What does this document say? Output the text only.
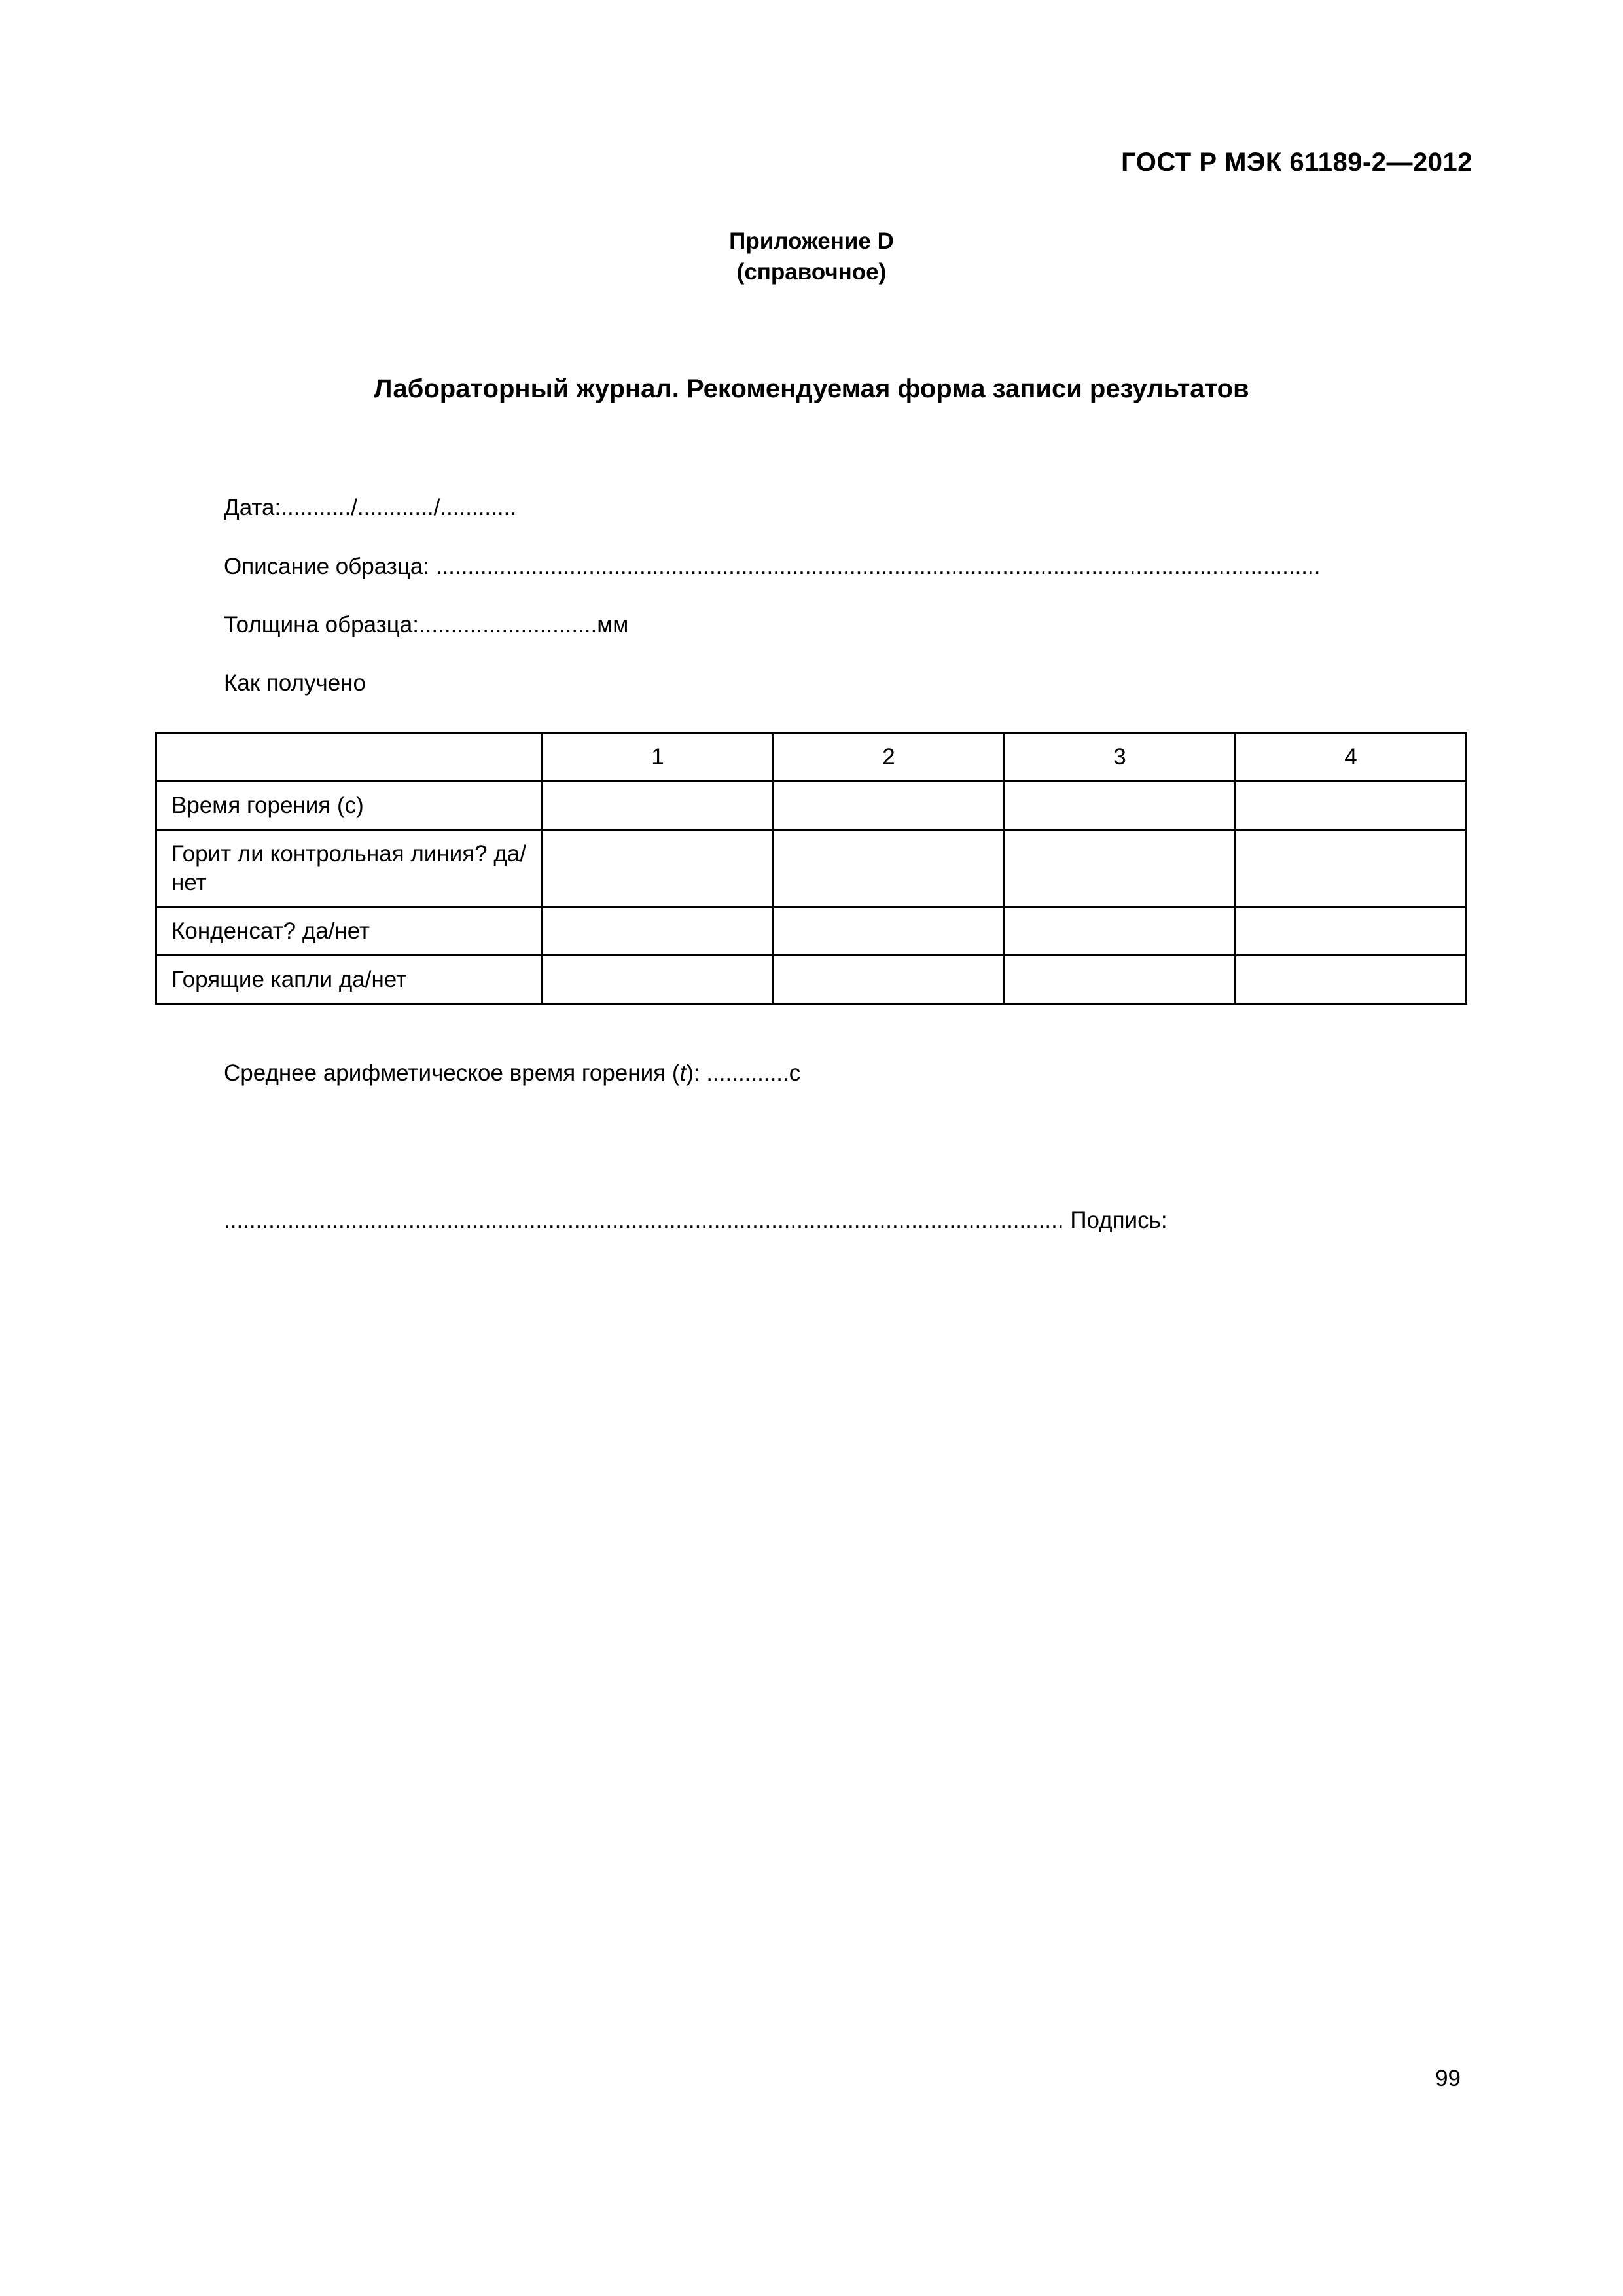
ГОСТ Р МЭК 61189-2—2012
Приложение D
(справочное)
Лабораторный журнал. Рекомендуемая форма записи результатов
Дата:.........../............/............
Описание образца: ...........................................................................................................................................
Толщина образца:............................мм
Как получено
	1	2	3	4
Время горения (с)				
Горит ли контрольная линия? да/нет				
Конденсат? да/нет				
Горящие капли да/нет				
Среднее арифметическое время горения (t): .............с
.................................................................................................................................... Подпись:
99
